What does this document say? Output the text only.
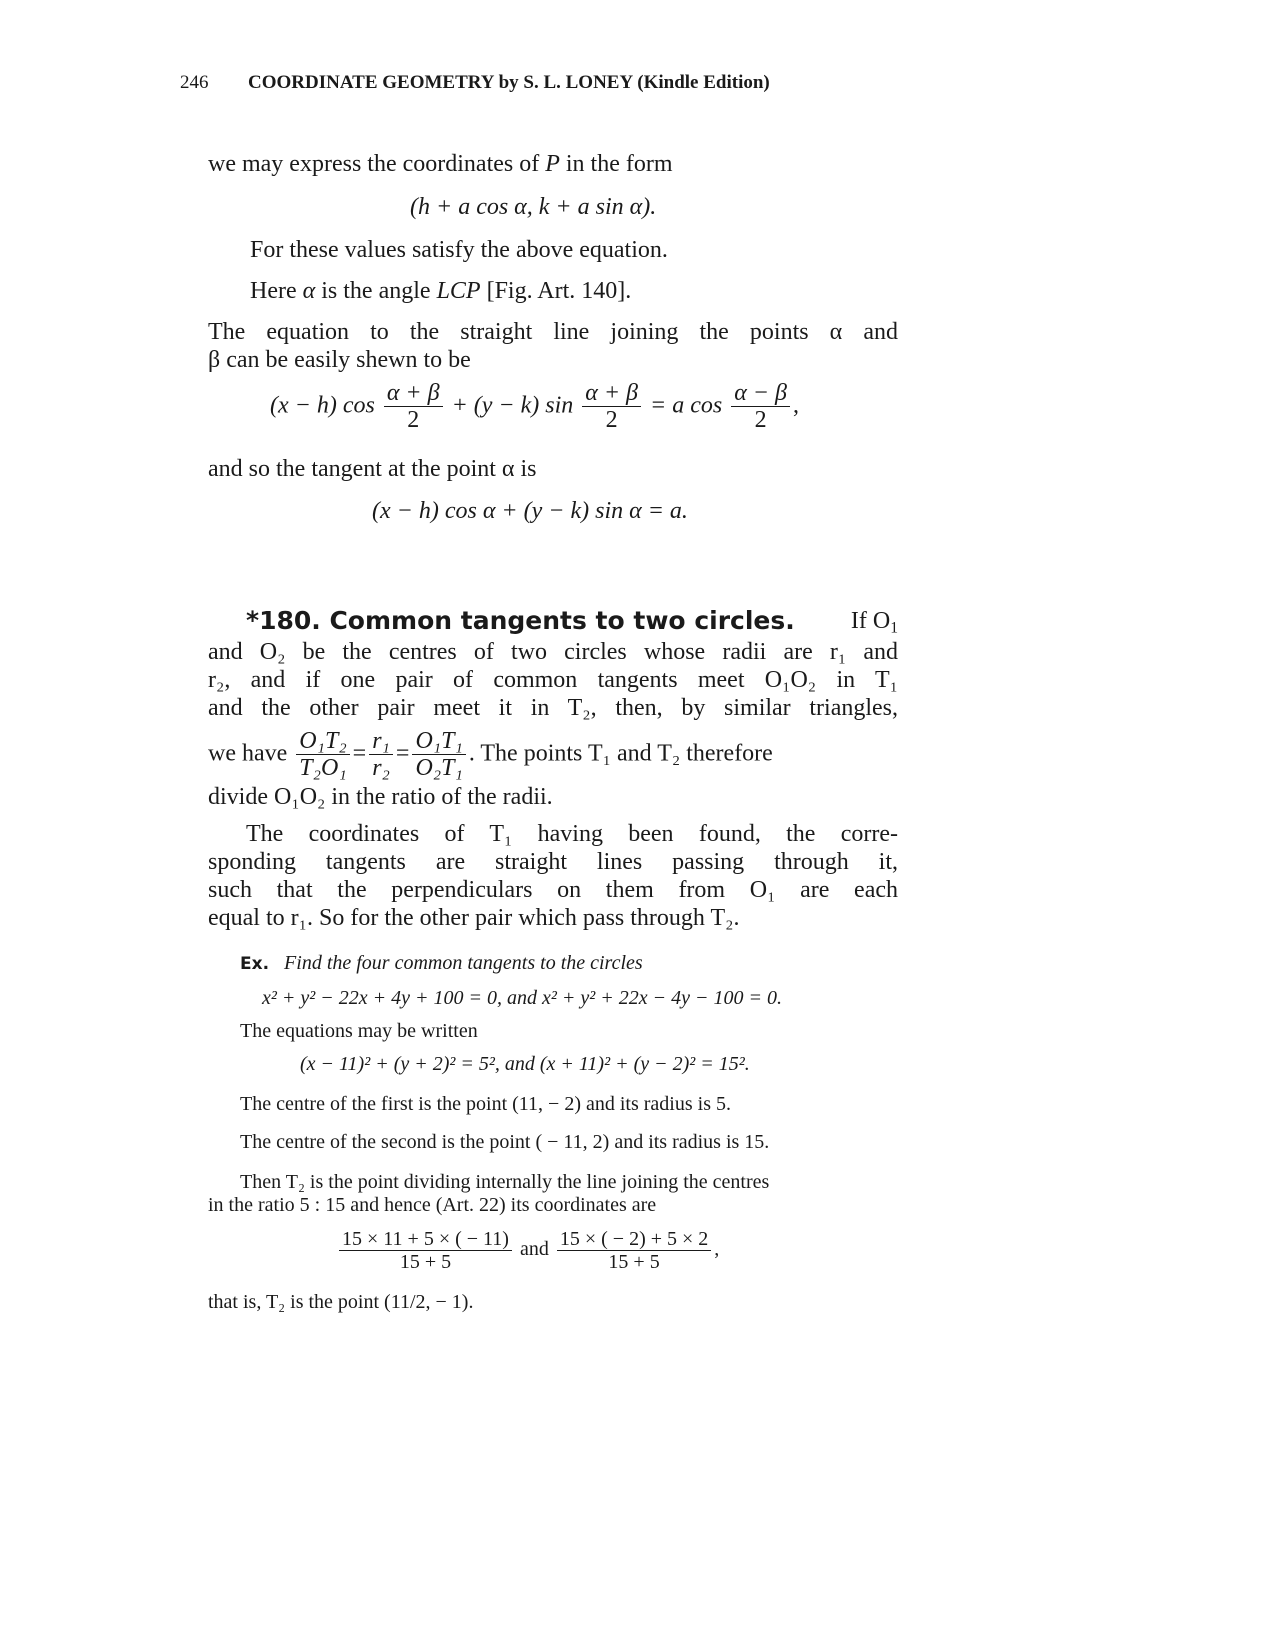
246 COORDINATE GEOMETRY by S. L. LONEY (Kindle Edition)
we may express the coordinates of P in the form
(h + a cos α, k + a sin α).
For these values satisfy the above equation.
Here α is the angle LCP [Fig. Art. 140].
The equation to the straight line joining the points α and
β can be easily shewn to be
(x − h) $\cos \frac{\alpha + \beta}{2} + (y - k)$ $\sin \frac{\alpha + \beta}{2} = a$ $\cos \frac{\alpha - \beta}{2}$ ,
and so the tangent at the point α is
(x − h) cos α + (y − k) sin α = a.
*180. Common tangents to two circles. If $O_1$
and O₂ be the centres of two circles whose radii are r₁ and
r₂, and if one pair of common tangents meet O₁O₂ in T₁
and the other pair meet it in T₂, then, by similar triangles,
we have $\frac{\text{O₁T₂}}{\text{T₂O₁}} = \frac{\text{r₁}}{\text{r₂}} = \frac{\text{O₁T₁}}{\text{O₂T₁}}$ . The points T₁ and T₂ therefore
divide O₁O₂ in the ratio of the radii.
The coordinates of T₁ having been found, the corre-
sponding tangents are straight lines passing through it,
such that the perpendiculars on them from O₁ are each
equal to r₁. So for the other pair which pass through T₂.
Ex. Find the four common tangents to the circles
x² + y² − 22x + 4y + 100 = 0, and x² + y² + 22x − 4y − 100 = 0.
The equations may be written
(x − 11)² + (y + 2)² = 5², and (x + 11)² + (y − 2)² = 15².
The centre of the first is the point (11, − 2) and its radius is 5.
The centre of the second is the point ( − 11, 2) and its radius is 15.
Then T₂ is the point dividing internally the line joining the centres
in the ratio 5 : 15 and hence (Art. 22) its coordinates are
$\frac{15 \times 11 + 5 \times ( - 11)}{15 + 5}$ and $\frac{15 \times ( - 2) + 5 \times 2}{15 + 5}$ ,
that is, T₂ is the point (11/2, − 1).
